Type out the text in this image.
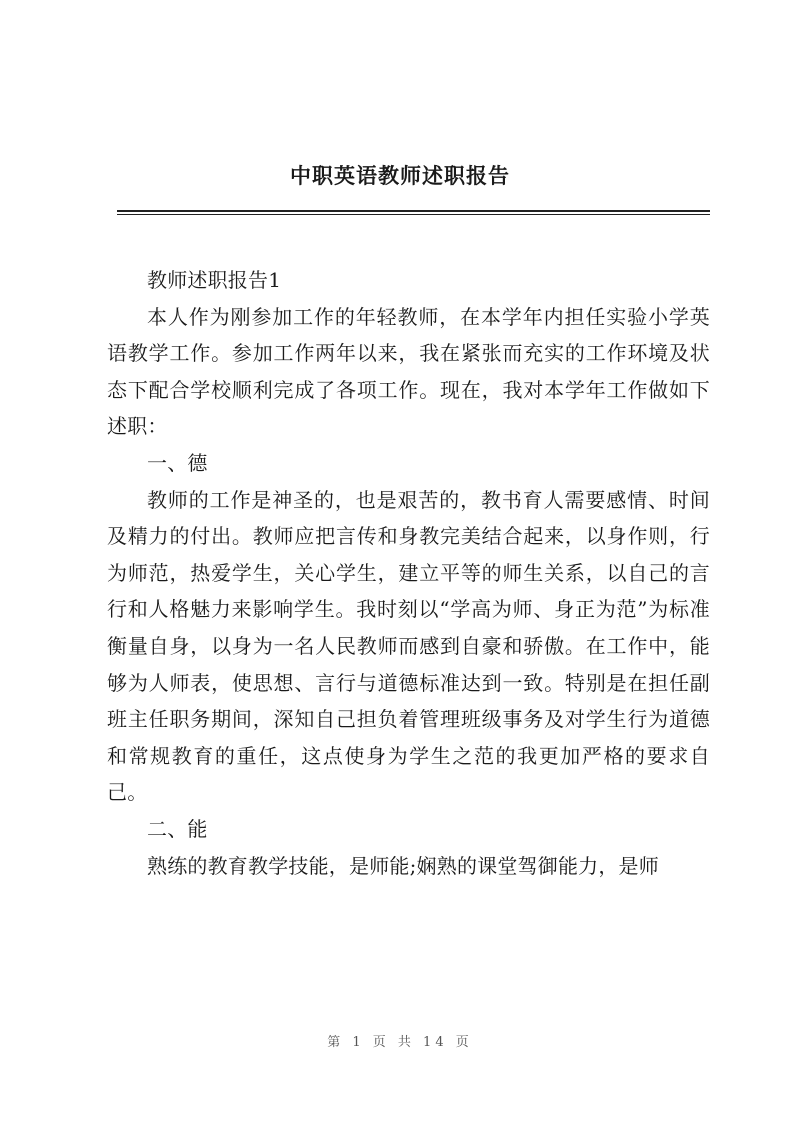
中职英语教师述职报告

教师述职报告1

本人作为刚参加工作的年轻教师，在本学年内担任实验小学英语教学工作。参加工作两年以来，我在紧张而充实的工作环境及状态下配合学校顺利完成了各项工作。现在，我对本学年工作做如下述职：

一、德

教师的工作是神圣的，也是艰苦的，教书育人需要感情、时间及精力的付出。教师应把言传和身教完美结合起来，以身作则，行为师范，热爱学生，关心学生，建立平等的师生关系，以自己的言行和人格魅力来影响学生。我时刻以“学高为师、身正为范”为标准衡量自身，以身为一名人民教师而感到自豪和骄傲。在工作中，能够为人师表，使思想、言行与道德标准达到一致。特别是在担任副班主任职务期间，深知自己担负着管理班级事务及对学生行为道德和常规教育的重任，这点使身为学生之范的我更加严格的要求自己。

二、能

熟练的教育教学技能，是师能;娴熟的课堂驾御能力，是师

第 1 页 共 14 页
